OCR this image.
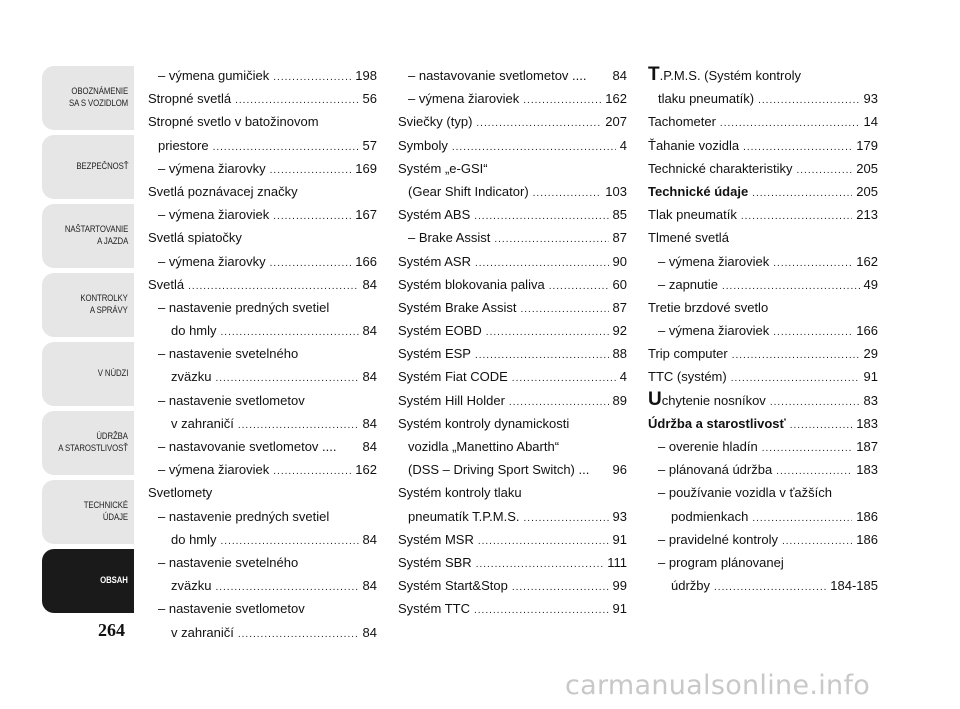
OBOZNÁMENIE
SA S VOZIDLOM
BEZPEČNOSŤ
NAŠTARTOVANIE
A JAZDA
KONTROLKY
A SPRÁVY
V NÚDZI
ÚDRŽBA
A STAROSTLIVOSŤ
TECHNICKÉ
ÚDAJE
OBSAH
264
– výmena gumičiek .....	198
Stropné svetlá .....	56
Stropné svetlo v batožinovom
priestore .....	57
– výmena žiarovky .....	169
Svetlá poznávacej značky
– výmena žiaroviek .....	167
Svetlá spiatočky
– výmena žiarovky .....	166
Svetlá .....	84
– nastavenie predných svetiel
do hmly .....	84
– nastavenie svetelného
zväzku .....	84
– nastavenie svetlometov
v zahraničí .....	84
– nastavovanie svetlometov .... 84
– výmena žiaroviek .....	162
Svetlomety
– nastavenie predných svetiel
do hmly .....	84
– nastavenie svetelného
zväzku .....	84
– nastavenie svetlometov
v zahraničí .....	84
– nastavovanie svetlometov .... 84
– výmena žiaroviek .....	162
Sviečky (typ) .....	207
Symboly .....	4
Systém „e-GSI“
(Gear Shift Indicator) .....	103
Systém ABS .....	85
– Brake Assist .....	87
Systém ASR .....	90
Systém blokovania paliva .....	60
Systém Brake Assist .....	87
Systém EOBD .....	92
Systém ESP .....	88
Systém Fiat CODE .....	4
Systém Hill Holder .....	89
Systém kontroly dynamickosti
vozidla „Manettino Abarth“
(DSS – Driving Sport Switch) ... 96
Systém kontroly tlaku
pneumatík T.P.M.S. .....	93
Systém MSR .....	91
Systém SBR .....	111
Systém Start&Stop .....	99
Systém TTC .....	91
T.P.M.S. (Systém kontroly
tlaku pneumatík) .....	93
Tachometer .....	14
Ťahanie vozidla .....	179
Technické charakteristiky .....	205
Technické údaje .....	205
Tlak pneumatík .....	213
Tlmené svetlá
– výmena žiaroviek .....	162
– zapnutie .....	49
Tretie brzdové svetlo
– výmena žiaroviek .....	166
Trip computer .....	29
TTC (systém) .....	91
Uchytenie nosníkov .....	83
Údržba a starostlivosť .....	183
– overenie hladín .....	187
– plánovaná údržba .....	183
– používanie vozidla v ťažších
podmienkach .....	186
– pravidelné kontroly .....	186
– program plánovanej
údržby .....	184-185
carmanualsonline.info
